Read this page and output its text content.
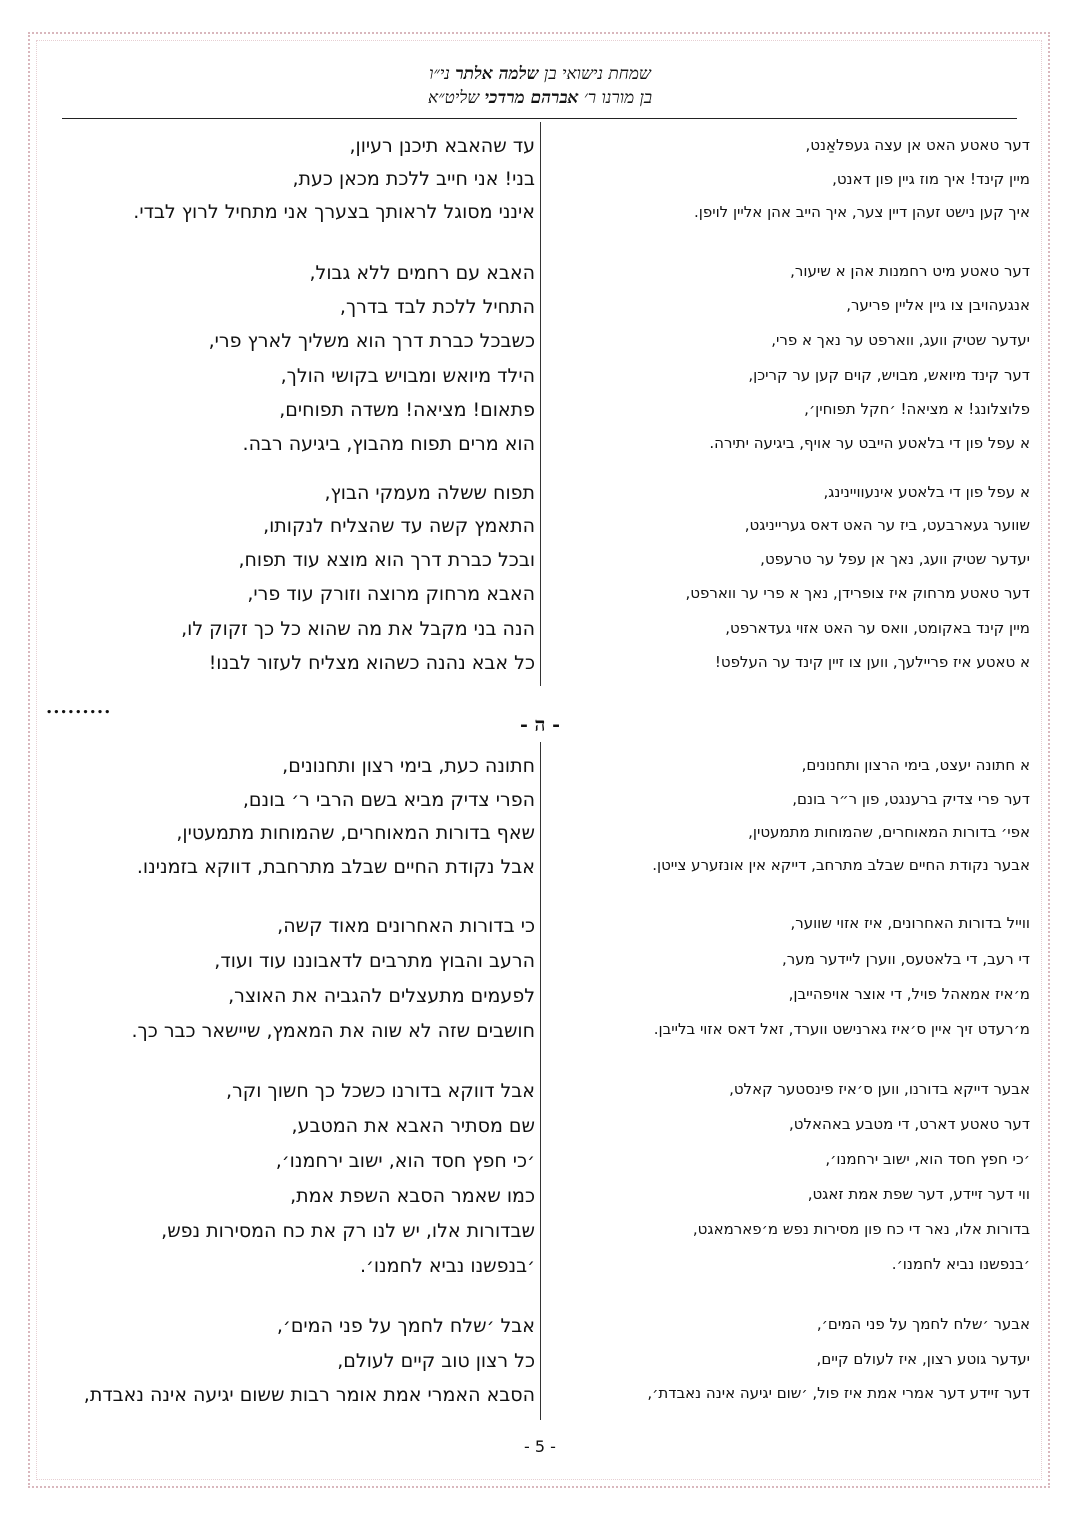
שמחת נישואי בן שלמה אלתר ני״ו
בן מורנו ר׳ אברהם מרדכי שליט״א
דער טאטע האט אן עצה געפלאַנט,
מיין קינד! איך מוז גיין פון דאנט,
איך קען נישט זעהן דיין צער, איך הייב אהן אליין לויפן.
דער טאטע מיט רחמנות אהן א שיעור,
אנגעהויבן צו גיין אליין פריער,
יעדער שטיק וועג, ווארפט ער נאך א פרי,
דער קינד מיואש, מבויש, קוים קען ער קריכן,
פלוצלונג! א מציאה! ׳חקל תפוחין׳,
א עפל פון די בלאטע הייבט ער אויף, ביגיעה יתירה.
א עפל פון די בלאטע אינעוויינינג,
שווער געארבעט, ביז ער האט דאס גערייניגט,
יעדער שטיק וועג, נאך אן עפל ער טרעפט,
דער טאטע מרחוק איז צופרידן, נאך א פרי ער ווארפט,
מיין קינד באקומט, וואס ער האט אזוי געדארפט,
א טאטע איז פריילעך, ווען צו זיין קינד ער העלפט!
א חתונה יעצט, בימי הרצון ותחנונים,
דער פרי צדיק ברענגט, פון ר״ר בונם,
אפי׳ בדורות המאוחרים, שהמוחות מתמעטין,
אבער נקודת החיים שבלב מתרחב, דייקא אין אונזערע צייטן.
ווייל בדורות האחרונים, איז אזוי שווער,
די רעב, די בלאטעס, ווערן ליידער מער,
מ׳איז אמאהל פויל, די אוצר אויפהייבן,
מ׳רעדט זיך איין ס׳איז גארנישט ווערד, זאל דאס אזוי בלייבן.
אבער דייקא בדורנו, ווען ס׳איז פינסטער קאלט,
דער טאטע דארט, די מטבע באהאלט,
׳כי חפץ חסד הוא, ישוב ירחמנו׳,
ווי דער זיידע, דער שפת אמת זאגט,
בדורות אלו, נאר די כח פון מסירות נפש מ׳פארמאגט,
׳בנפשנו נביא לחמנו׳.
אבער ׳שלח לחמך על פני המים׳,
יעדער גוטע רצון, איז לעולם קיים,
דער זיידע דער אמרי אמת איז פול, ׳שום יגיעה אינה נאבדת׳,
עד שהאבא תיכנן רעיון,
בני! אני חייב ללכת מכאן כעת,
אינני מסוגל לראותך בצערך אני מתחיל לרוץ לבדי.
האבא עם רחמים ללא גבול,
התחיל ללכת לבד בדרך,
כשבכל כברת דרך הוא משליך לארץ פרי,
הילד מיואש ומבויש בקושי הולך,
פתאום! מציאה! משדה תפוחים,
הוא מרים תפוח מהבוץ, ביגיעה רבה.
תפוח ששלה מעמקי הבוץ,
התאמץ קשה עד שהצליח לנקותו,
ובכל כברת דרך הוא מוצא עוד תפוח,
האבא מרחוק מרוצה וזורק עוד פרי,
הנה בני מקבל את מה שהוא כל כך זקוק לו,
כל אבא נהנה כשהוא מצליח לעזור לבנו!
חתונה כעת, בימי רצון ותחנונים,
הפרי צדיק מביא בשם הרבי ר׳ בונם,
שאף בדורות המאוחרים, שהמוחות מתמעטין,
אבל נקודת החיים שבלב מתרחבת, דווקא בזמנינו.
כי בדורות האחרונים מאוד קשה,
הרעב והבוץ מתרבים לדאבוננו עוד ועוד,
לפעמים מתעצלים להגביה את האוצר,
חושבים שזה לא שוה את המאמץ, שיישאר כבר כך.
אבל דווקא בדורנו כשכל כך חשוך וקר,
שם מסתיר האבא את המטבע,
׳כי חפץ חסד הוא, ישוב ירחמנו׳,
כמו שאמר הסבא השפת אמת,
שבדורות אלו, יש לנו רק את כח המסירות נפש,
׳בנפשנו נביא לחמנו׳.
אבל ׳שלח לחמך על פני המים׳,
כל רצון טוב קיים לעולם,
הסבא האמרי אמת אומר רבות ששום יגיעה אינה נאבדת,
.........
- ה -
- 5 -
